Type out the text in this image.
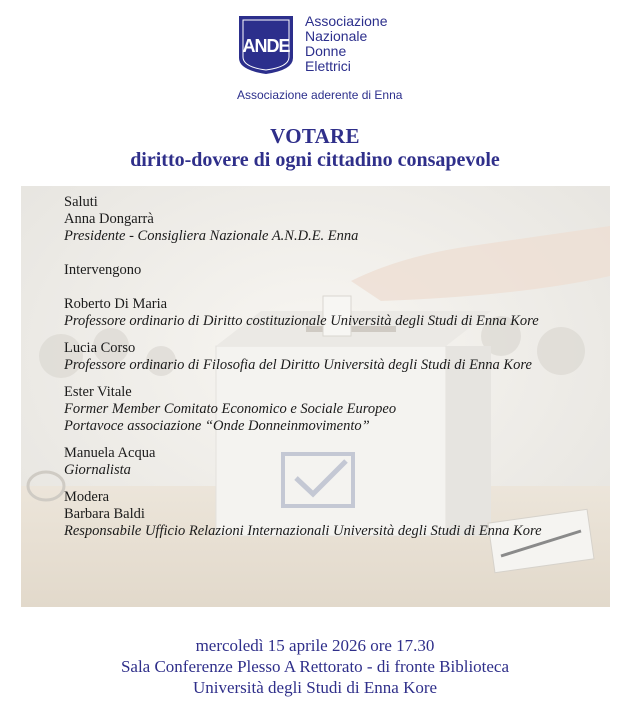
ANDE
Associazione
Nazionale
Donne
Elettrici
Associazione aderente di Enna
VOTARE
diritto-dovere di ogni cittadino consapevole
Saluti
Anna Dongarrà
Presidente - Consigliera Nazionale A.N.D.E. Enna
Intervengono
Roberto Di Maria
Professore ordinario di Diritto costituzionale Università degli Studi di Enna Kore
Lucia Corso
Professore ordinario di Filosofia del Diritto Università degli Studi di Enna Kore
Ester Vitale
Former Member Comitato Economico e Sociale Europeo
Portavoce associazione “Onde Donneinmovimento”
Manuela Acqua
Giornalista
Modera
Barbara Baldi
Responsabile Ufficio Relazioni Internazionali Università degli Studi di Enna Kore
mercoledì 15 aprile 2026 ore 17.30
Sala Conferenze Plesso A Rettorato - di fronte Biblioteca
Università degli Studi di Enna Kore
